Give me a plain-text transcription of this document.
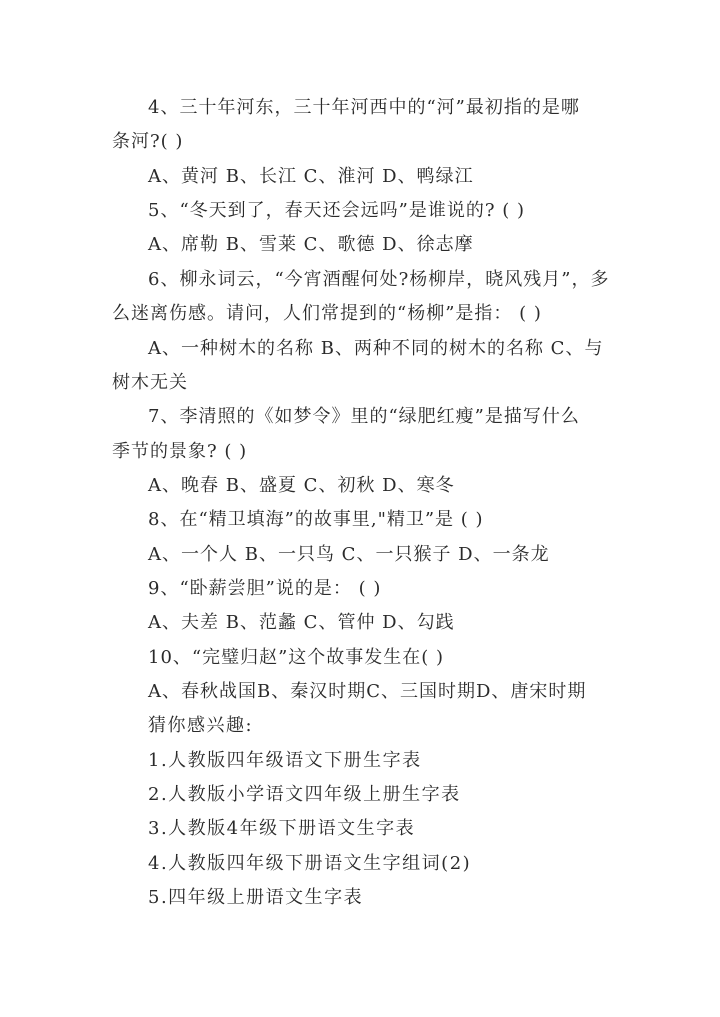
4、三十年河东，三十年河西中的“河”最初指的是哪
条河?( )
A、黄河 B、长江 C、淮河 D、鸭绿江
5、“冬天到了，春天还会远吗”是谁说的? ( )
A、席勒 B、雪莱 C、歌德 D、徐志摩
6、柳永词云，“今宵酒醒何处?杨柳岸，晓风残月”，多
么迷离伤感。请问，人们常提到的“杨柳”是指： ( )
A、一种树木的名称 B、两种不同的树木的名称 C、与
树木无关
7、李清照的《如梦令》里的“绿肥红瘦”是描写什么
季节的景象? ( )
A、晚春 B、盛夏 C、初秋 D、寒冬
8、在“精卫填海”的故事里,"精卫”是 ( )
A、一个人 B、一只鸟 C、一只猴子 D、一条龙
9、“卧薪尝胆”说的是： ( )
A、夫差 B、范蠡 C、管仲 D、勾践
10、“完璧归赵”这个故事发生在( )
A、春秋战国B、秦汉时期C、三国时期D、唐宋时期
猜你感兴趣:
1.人教版四年级语文下册生字表
2.人教版小学语文四年级上册生字表
3.人教版4年级下册语文生字表
4.人教版四年级下册语文生字组词(2)
5.四年级上册语文生字表
